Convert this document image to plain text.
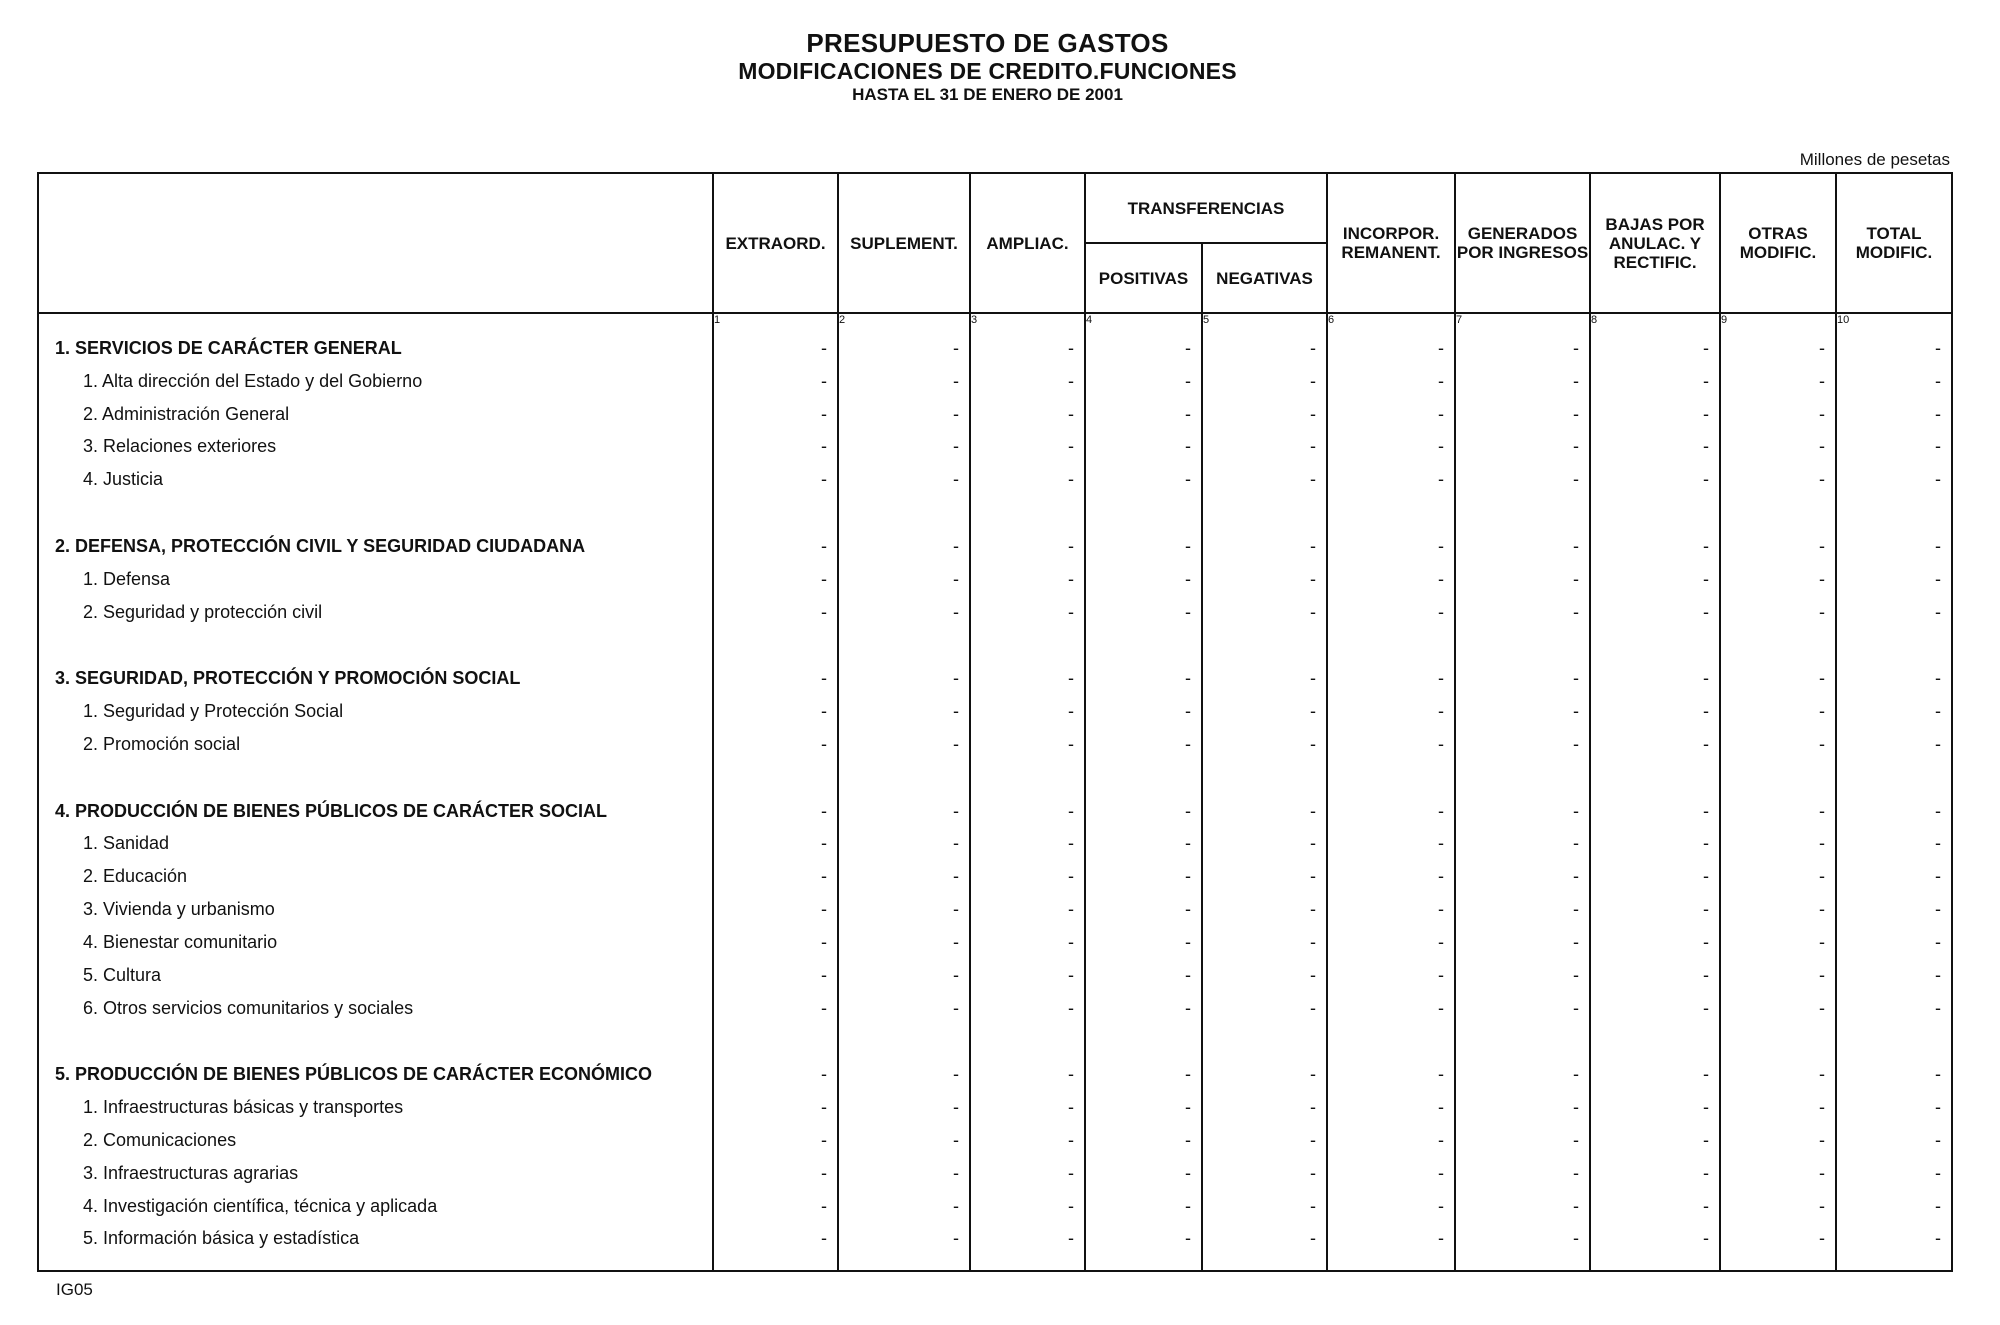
PRESUPUESTO DE GASTOS
MODIFICACIONES DE CREDITO.FUNCIONES
HASTA EL 31 DE ENERO DE 2001
Millones de pesetas
	EXTRAORD.	SUPLEMENT.	AMPLIAC.	TRANSFERENCIAS		INCORPOR. REMANENT.	GENERADOS POR INGRESOS	BAJAS POR ANULAC. Y RECTIFIC.	OTRAS MODIFIC.	TOTAL MODIFIC.
				POSITIVAS	NEGATIVAS					
	1	2	3	4	5	6	7	8	9	10
1. SERVICIOS DE CARÁCTER GENERAL	-	-	-	-	-	-	-	-	-	-
1. Alta dirección del Estado y del Gobierno	-	-	-	-	-	-	-	-	-	-
2. Administración General	-	-	-	-	-	-	-	-	-	-
3. Relaciones exteriores	-	-	-	-	-	-	-	-	-	-
4. Justicia	-	-	-	-	-	-	-	-	-	-

2. DEFENSA, PROTECCIÓN CIVIL Y SEGURIDAD CIUDADANA	-	-	-	-	-	-	-	-	-	-
1. Defensa	-	-	-	-	-	-	-	-	-	-
2. Seguridad y protección civil	-	-	-	-	-	-	-	-	-	-

3. SEGURIDAD, PROTECCIÓN Y PROMOCIÓN SOCIAL	-	-	-	-	-	-	-	-	-	-
1. Seguridad y Protección Social	-	-	-	-	-	-	-	-	-	-
2. Promoción social	-	-	-	-	-	-	-	-	-	-

4. PRODUCCIÓN DE BIENES PÚBLICOS DE CARÁCTER SOCIAL	-	-	-	-	-	-	-	-	-	-
1. Sanidad	-	-	-	-	-	-	-	-	-	-
2. Educación	-	-	-	-	-	-	-	-	-	-
3. Vivienda y urbanismo	-	-	-	-	-	-	-	-	-	-
4. Bienestar comunitario	-	-	-	-	-	-	-	-	-	-
5. Cultura	-	-	-	-	-	-	-	-	-	-
6. Otros servicios comunitarios y sociales	-	-	-	-	-	-	-	-	-	-

5. PRODUCCIÓN DE BIENES PÚBLICOS DE CARÁCTER ECONÓMICO	-	-	-	-	-	-	-	-	-	-
1. Infraestructuras básicas y transportes	-	-	-	-	-	-	-	-	-	-
2. Comunicaciones	-	-	-	-	-	-	-	-	-	-
3. Infraestructuras agrarias	-	-	-	-	-	-	-	-	-	-
4. Investigación científica, técnica y aplicada	-	-	-	-	-	-	-	-	-	-
5. Información básica y estadística	-	-	-	-	-	-	-	-	-	-

IG05
